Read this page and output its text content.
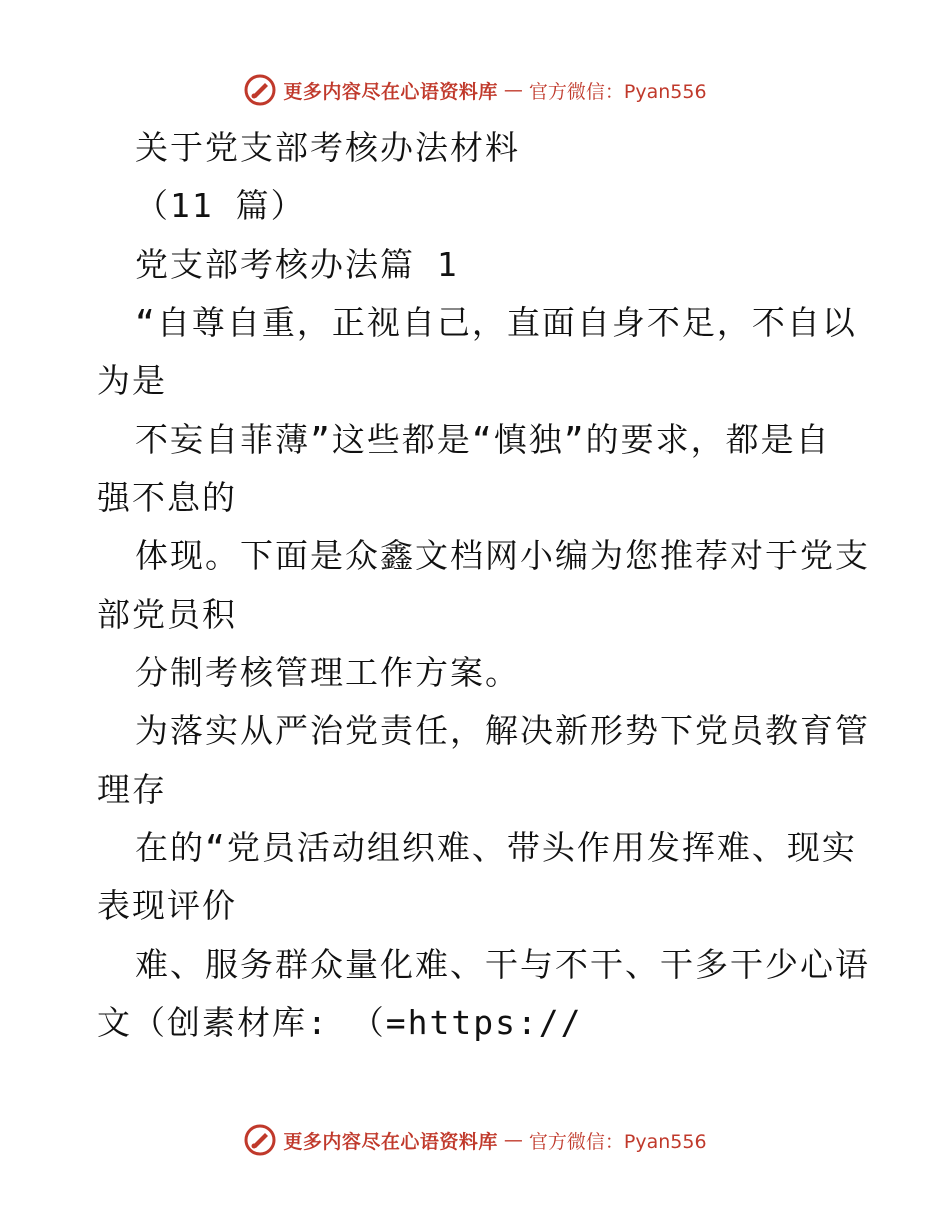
更多内容尽在心语资料库 — 官方微信：Pyan556
关于党支部考核办法材料
（11 篇）
党支部考核办法篇 1
“自尊自重，正视自己，直面自身不足，不自以
为是
不妄自菲薄”这些都是“慎独”的要求，都是自
强不息的
体现。下面是众鑫文档网小编为您推荐对于党支
部党员积
分制考核管理工作方案。
为落实从严治党责任，解决新形势下党员教育管
理存
在的“党员活动组织难、带头作用发挥难、现实
表现评价
难、服务群众量化难、干与不干、干多干少心语
文（创素材库: （=https://
更多内容尽在心语资料库 — 官方微信：Pyan556
